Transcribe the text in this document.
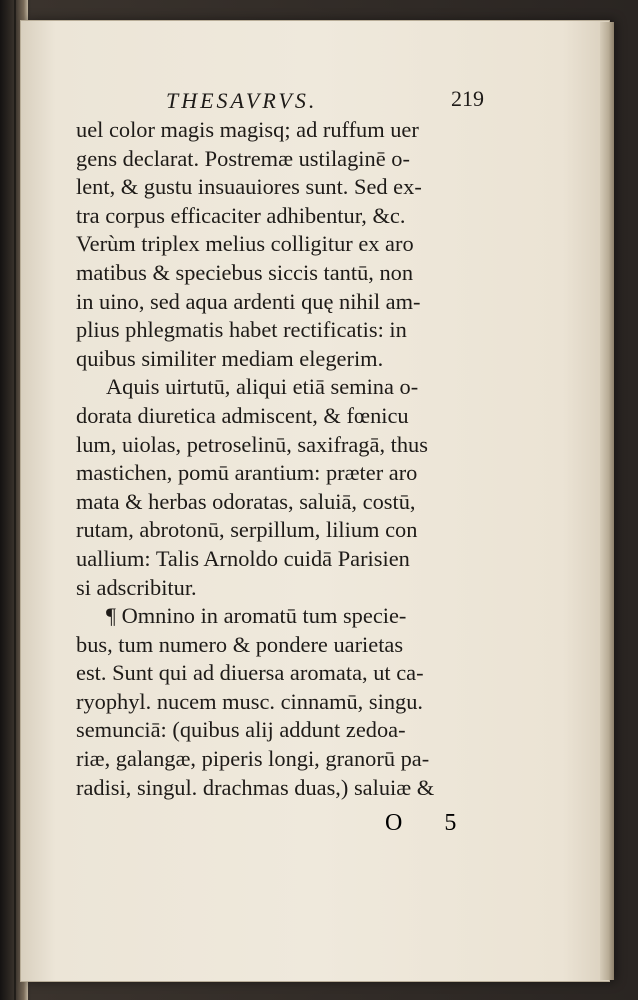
THESAVRVS.	219

uel color magis magisq; ad ruffum uer

gens declarat. Postremæ ustilaginē o-

lent, & gustu insuauiores sunt. Sed ex-

tra corpus efficaciter adhibentur, &c.

Verùm triplex melius colligitur ex aro

matibus & speciebus siccis tantū, non

in uino, sed aqua ardenti quę nihil am-

plius phlegmatis habet rectificatis: in

quibus similiter mediam elegerim.

Aquis uirtutū, aliqui etiā semina o-

dorata diuretica admiscent, & fœnicu

lum, uiolas, petroselinū, saxifragā, thus

mastichen, pomū arantium: præter aro

mata & herbas odoratas, saluiā, costū,

rutam, abrotonū, serpillum, lilium con

uallium: Talis Arnoldo cuidā Parisien

si adscribitur.

¶ Omnino in aromatū tum specie-

bus, tum numero & pondere uarietas

est. Sunt qui ad diuersa aromata, ut ca-

ryophyl. nucem musc. cinnamū, singu.

semunciā: (quibus alij addunt zedoa-

riæ, galangæ, piperis longi, granorū pa-

radisi, singul. drachmas duas,) saluiæ &

O 5
